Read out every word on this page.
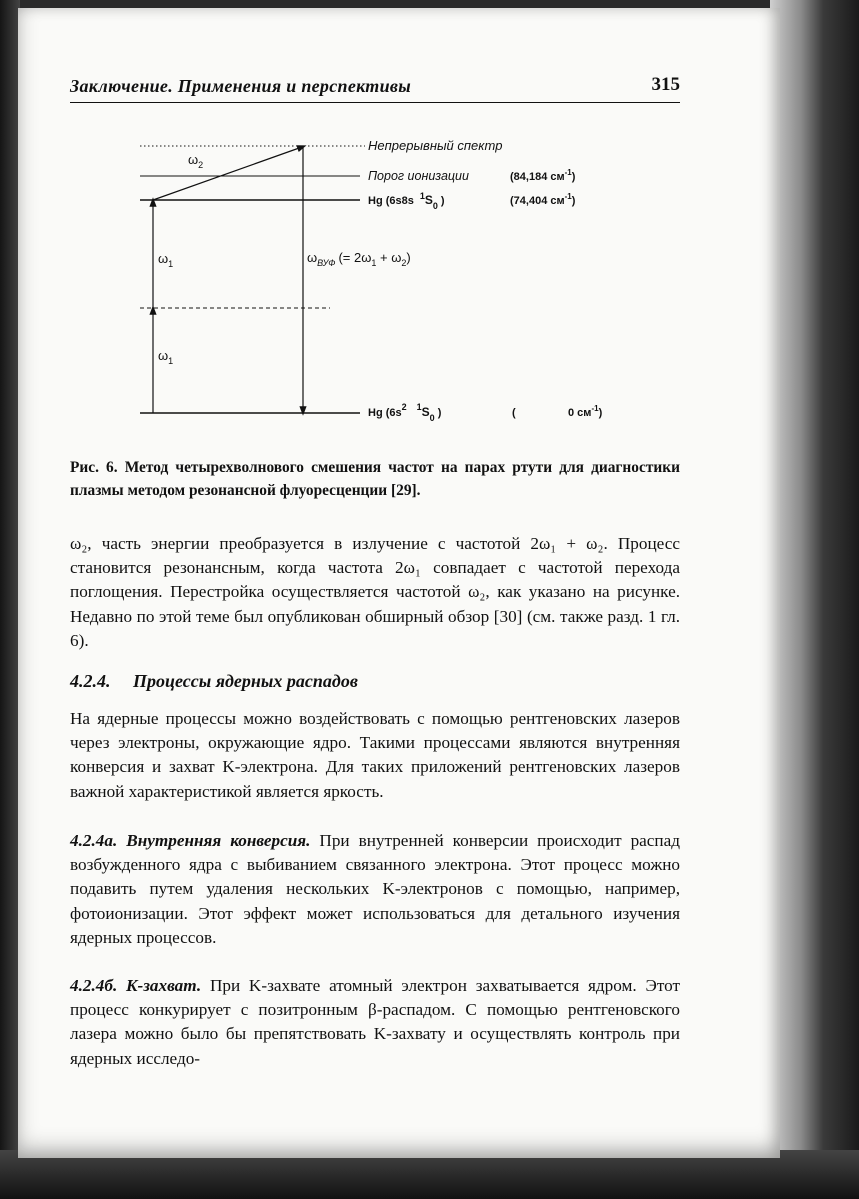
Заключение. Применения и перспективы	315
$\omega_2$
$\omega_1$
$\omega_1$
$\omega_{ВУФ}$ (= $2\omega_1 + \omega_2$)
Непрерывный спектр
Порог ионизации	(84,184 $см^{-1}$)
Hg (6s8s $^1S_0$ )	(74,404 $см^{-1}$)
Hg ($6s^2$ $1S_0$ )	(	0 $см^{-1}$)
Рис. 6. Метод четырехволнового смешения частот на парах ртути для диагностики плазмы методом резонансной флуоресценции [29].
ω₂, часть энергии преобразуется в излучение с частотой 2ω₁ + ω₂. Процесс становится резонансным, когда частота 2ω₁ совпадает с частотой перехода поглощения. Перестройка осуществляется частотой ω₂, как указано на рисунке. Недавно по этой теме был опубликован обширный обзор [30] (см. также разд. 1 гл. 6).
4.2.4. Процессы ядерных распадов
На ядерные процессы можно воздействовать с помощью рентгеновских лазеров через электроны, окружающие ядро. Такими процессами являются внутренняя конверсия и захват K-электрона. Для таких приложений рентгеновских лазеров важной характеристикой является яркость.
4.2.4а. Внутренняя конверсия. При внутренней конверсии происходит распад возбужденного ядра с выбиванием связанного электрона. Этот процесс можно подавить путем удаления нескольких K-электронов с помощью, например, фотоионизации. Этот эффект может использоваться для детального изучения ядерных процессов.
4.2.4б. K-захват. При K-захвате атомный электрон захватывается ядром. Этот процесс конкурирует с позитронным β-распадом. С помощью рентгеновского лазера можно было бы препятствовать K-захвату и осуществлять контроль при ядерных исследо-
